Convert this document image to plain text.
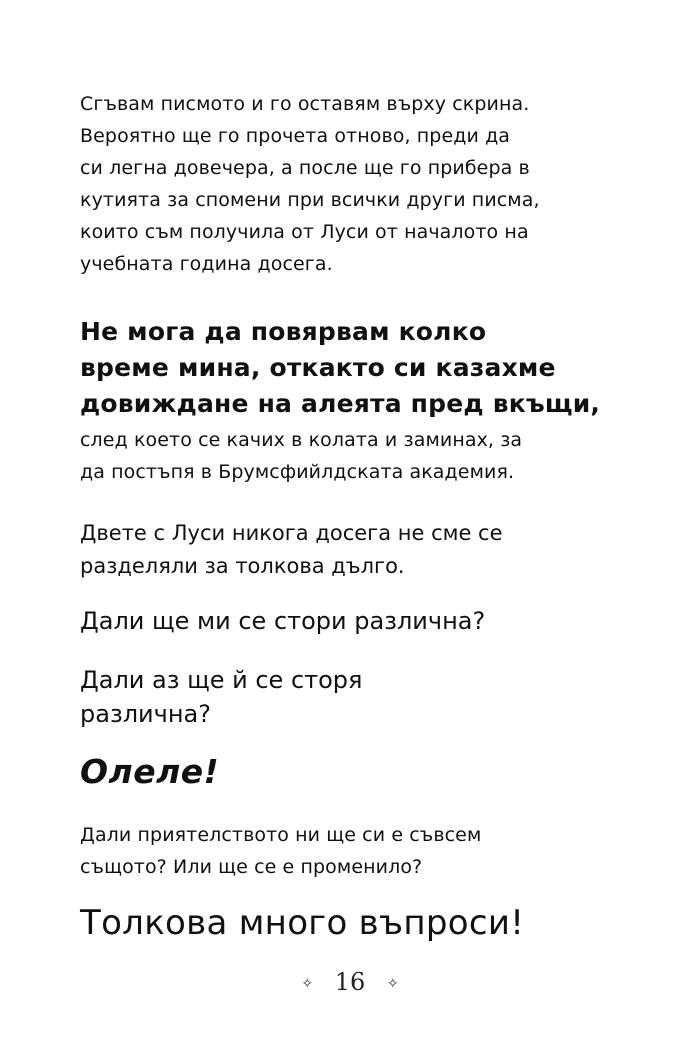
Сгъвам писмото и го оставям върху скрина.
Вероятно ще го прочета отново, преди да
си легна довечера, а после ще го прибера в
кутията за спомени при всички други писма,
които съм получила от Луси от началото на
учебната година досега.
Не мога да повярвам колко
време мина, откакто си казахме
довиждане на алеята пред вкъщи,
след което се качих в колата и заминах, за
да постъпя в Брумсфийлдската академия.
Двете с Луси никога досега не сме се
разделяли за толкова дълго.
Дали ще ми се стори различна?
Дали аз ще й се сторя
различна?
Олеле!
Дали приятелството ни ще си е съвсем
същото? Или ще се е променило?
Толкова много въпроси!
✧ 16 ✧
